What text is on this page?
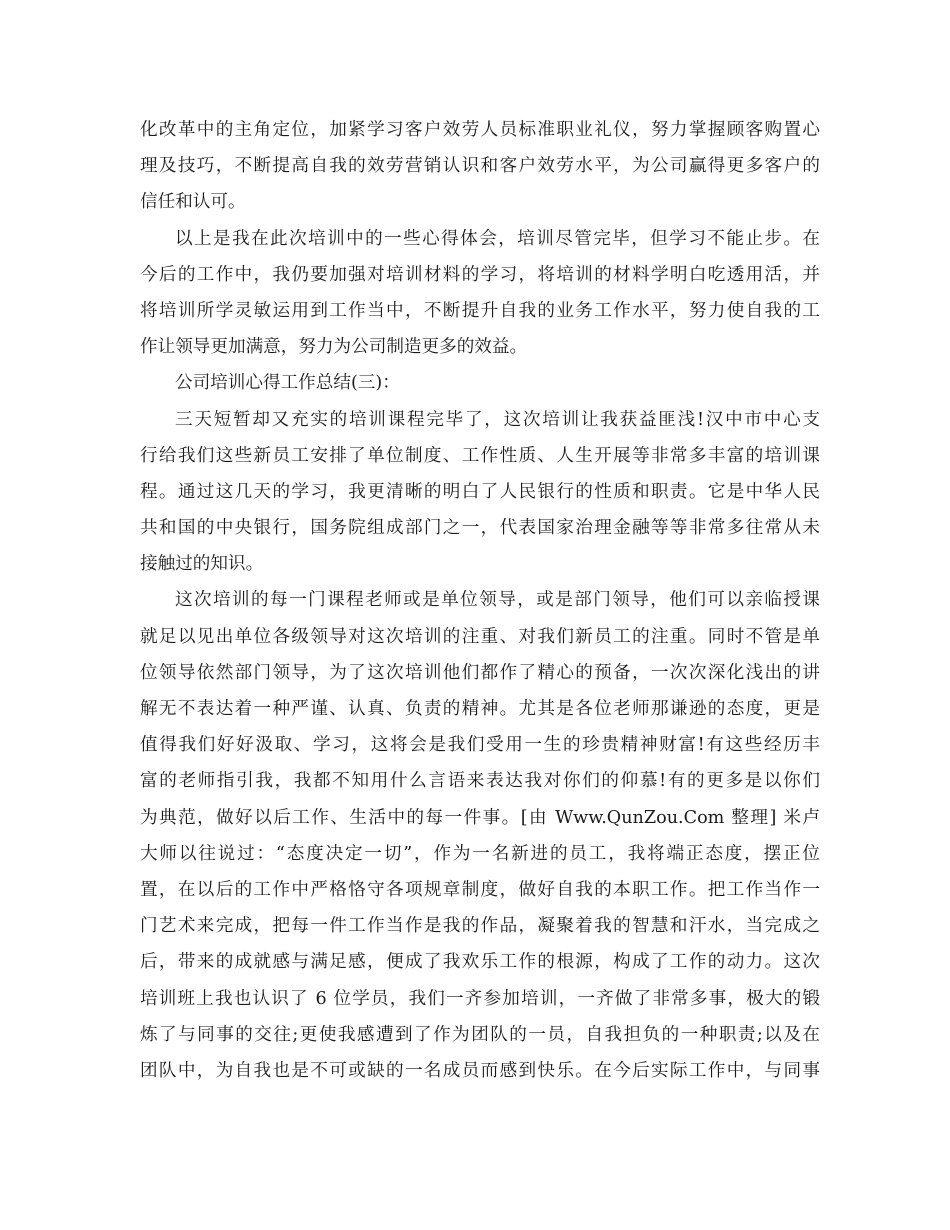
化改革中的主角定位，加紧学习客户效劳人员标准职业礼仪，努力掌握顾客购置心
理及技巧，不断提高自我的效劳营销认识和客户效劳水平，为公司赢得更多客户的
信任和认可。
以上是我在此次培训中的一些心得体会，培训尽管完毕，但学习不能止步。在
今后的工作中，我仍要加强对培训材料的学习，将培训的材料学明白吃透用活，并
将培训所学灵敏运用到工作当中，不断提升自我的业务工作水平，努力使自我的工
作让领导更加满意，努力为公司制造更多的效益。
公司培训心得工作总结(三)：
三天短暂却又充实的培训课程完毕了，这次培训让我获益匪浅!汉中市中心支
行给我们这些新员工安排了单位制度、工作性质、人生开展等非常多丰富的培训课
程。通过这几天的学习，我更清晰的明白了人民银行的性质和职责。它是中华人民
共和国的中央银行，国务院组成部门之一，代表国家治理金融等等非常多往常从未
接触过的知识。
这次培训的每一门课程老师或是单位领导，或是部门领导，他们可以亲临授课
就足以见出单位各级领导对这次培训的注重、对我们新员工的注重。同时不管是单
位领导依然部门领导，为了这次培训他们都作了精心的预备，一次次深化浅出的讲
解无不表达着一种严谨、认真、负责的精神。尤其是各位老师那谦逊的态度，更是
值得我们好好汲取、学习，这将会是我们受用一生的珍贵精神财富!有这些经历丰
富的老师指引我，我都不知用什么言语来表达我对你们的仰慕!有的更多是以你们
为典范，做好以后工作、生活中的每一件事。[由 Www.QunZou.Com 整理] 米卢
大师以往说过：“态度决定一切”，作为一名新进的员工，我将端正态度，摆正位
置，在以后的工作中严格恪守各项规章制度，做好自我的本职工作。把工作当作一
门艺术来完成，把每一件工作当作是我的作品，凝聚着我的智慧和汗水，当完成之
后，带来的成就感与满足感，便成了我欢乐工作的根源，构成了工作的动力。这次
培训班上我也认识了 6 位学员，我们一齐参加培训，一齐做了非常多事，极大的锻
炼了与同事的交往;更使我感遭到了作为团队的一员，自我担负的一种职责;以及在
团队中，为自我也是不可或缺的一名成员而感到快乐。在今后实际工作中，与同事
